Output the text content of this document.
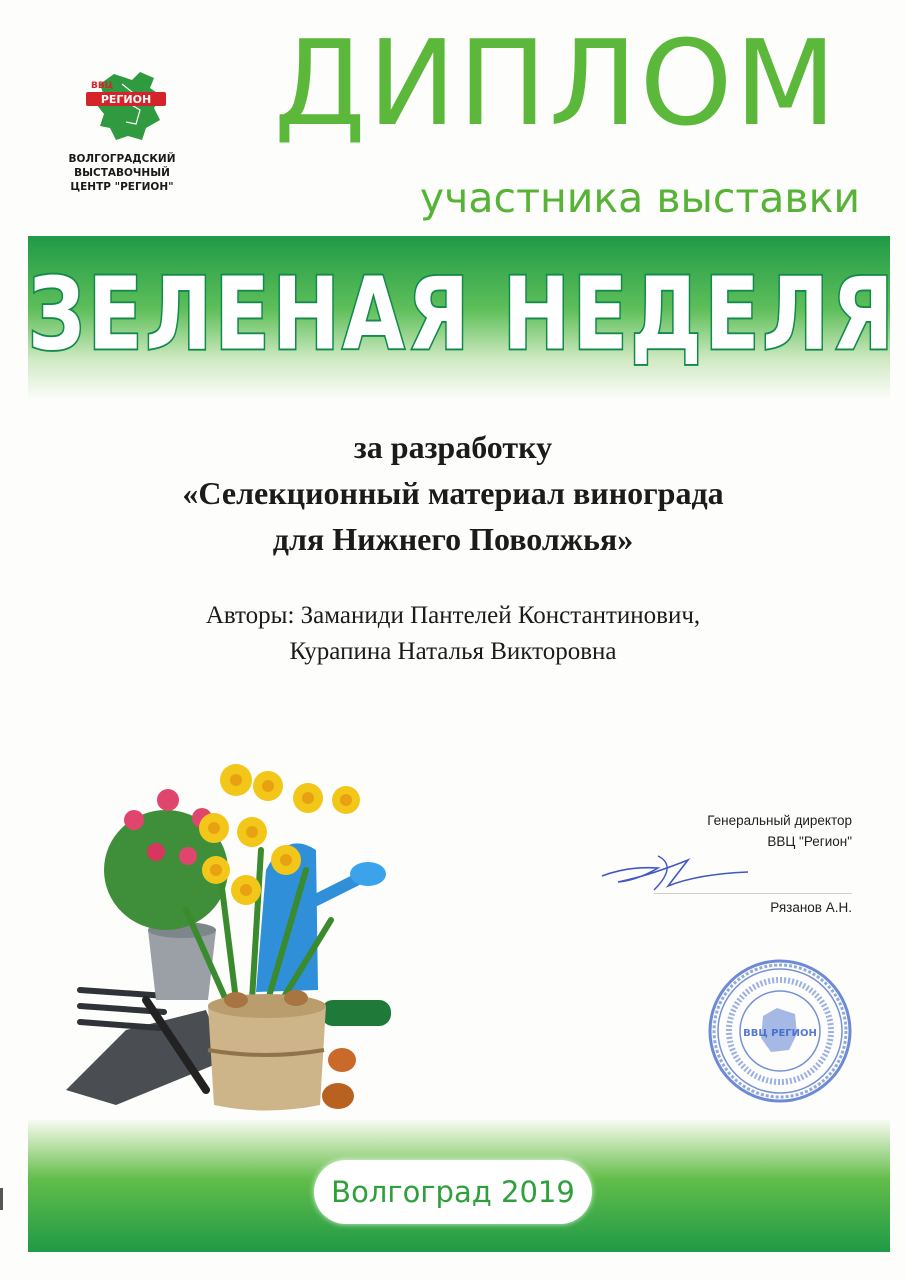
РЕГИОН
ВВЦ
ВОЛГОГРАДСКИЙ
ВЫСТАВОЧНЫЙ
ЦЕНТР "РЕГИОН"
ДИПЛОМ
участника выставки
ЗЕЛЕНАЯ НЕДЕЛЯ
за разработку
«Селекционный материал винограда
для Нижнего Поволжья»
Авторы: Заманиди Пантелей Константинович,
Курапина Наталья Викторовна
Генеральный директор
ВВЦ "Регион"
Рязанов А.Н.
ВВЦ РЕГИОН
Волгоград 2019
